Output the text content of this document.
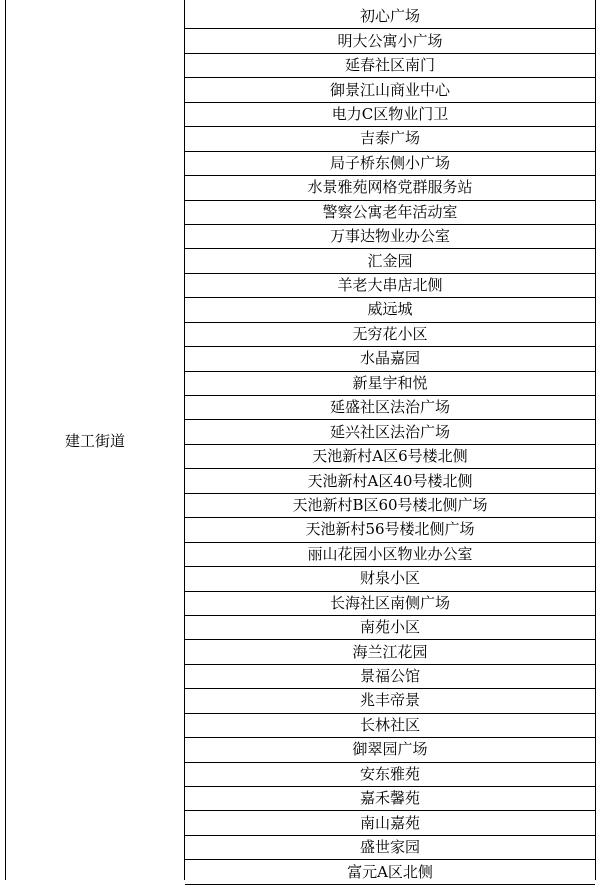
建工街道
初心广场
明大公寓小广场
延春社区南门
御景江山商业中心
电力C区物业门卫
吉泰广场
局子桥东侧小广场
水景雅苑网格党群服务站
警察公寓老年活动室
万事达物业办公室
汇金园
羊老大串店北侧
威远城
无穷花小区
水晶嘉园
新星宇和悦
延盛社区法治广场
延兴社区法治广场
天池新村A区6号楼北侧
天池新村A区40号楼北侧
天池新村B区60号楼北侧广场
天池新村56号楼北侧广场
丽山花园小区物业办公室
财泉小区
长海社区南侧广场
南苑小区
海兰江花园
景福公馆
兆丰帝景
长林社区
御翠园广场
安东雅苑
嘉禾馨苑
南山嘉苑
盛世家园
富元A区北侧
